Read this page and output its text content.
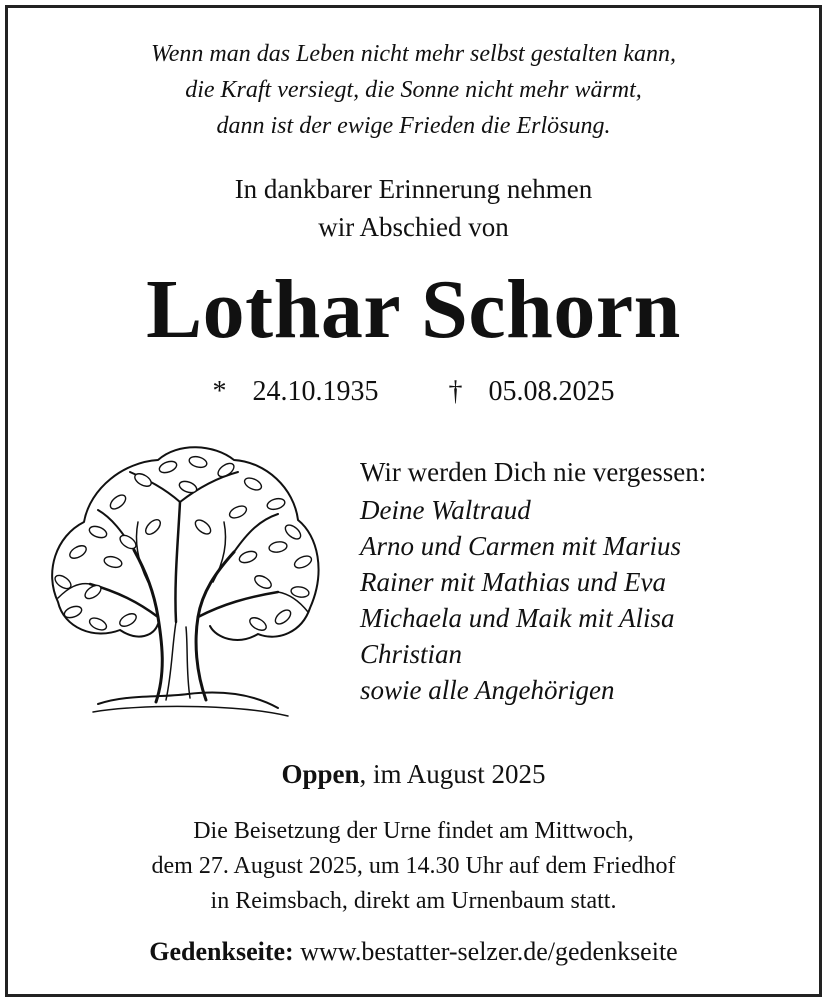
Wenn man das Leben nicht mehr selbst gestalten kann,
die Kraft versiegt, die Sonne nicht mehr wärmt,
dann ist der ewige Frieden die Erlösung.
In dankbarer Erinnerung nehmen
wir Abschied von
Lothar Schorn
* 24.10.1935	† 05.08.2025
Wir werden Dich nie vergessen:
Deine Waltraud
Arno und Carmen mit Marius
Rainer mit Mathias und Eva
Michaela und Maik mit Alisa
Christian
sowie alle Angehörigen
Oppen, im August 2025
Die Beisetzung der Urne findet am Mittwoch,
dem 27. August 2025, um 14.30 Uhr auf dem Friedhof
in Reimsbach, direkt am Urnenbaum statt.
Gedenkseite: www.bestatter-selzer.de/gedenkseite
